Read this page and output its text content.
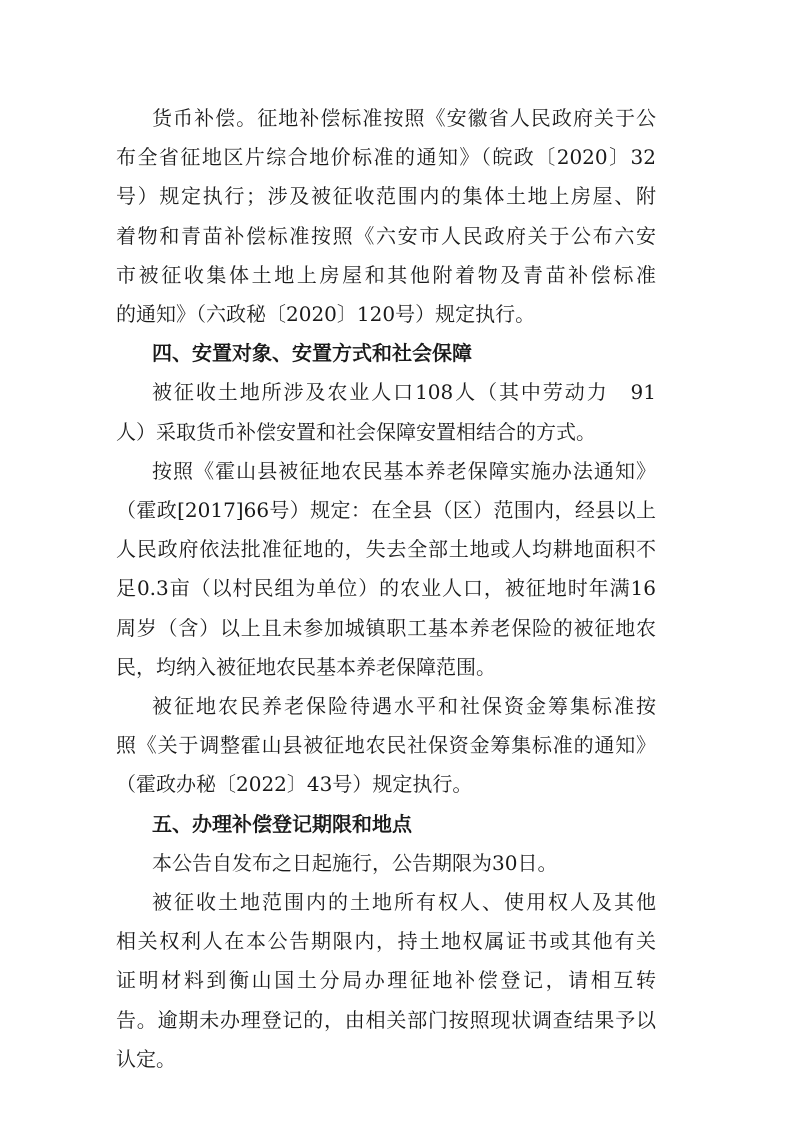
货币补偿。征地补偿标准按照《安徽省人民政府关于公
布全省征地区片综合地价标准的通知》（皖政〔2020〕32
号）规定执行；涉及被征收范围内的集体土地上房屋、附
着物和青苗补偿标准按照《六安市人民政府关于公布六安
市被征收集体土地上房屋和其他附着物及青苗补偿标准
的通知》（六政秘〔2020〕120号）规定执行。
四、安置对象、安置方式和社会保障
被征收土地所涉及农业人口108人（其中劳动力　91
人）采取货币补偿安置和社会保障安置相结合的方式。
按照《霍山县被征地农民基本养老保障实施办法通知》
（霍政[2017]66号）规定：在全县（区）范围内，经县以上
人民政府依法批准征地的，失去全部土地或人均耕地面积不
足0.3亩（以村民组为单位）的农业人口，被征地时年满16
周岁（含）以上且未参加城镇职工基本养老保险的被征地农
民，均纳入被征地农民基本养老保障范围。
被征地农民养老保险待遇水平和社保资金筹集标准按
照《关于调整霍山县被征地农民社保资金筹集标准的通知》
（霍政办秘〔2022〕43号）规定执行。
五、办理补偿登记期限和地点
本公告自发布之日起施行，公告期限为30日。
被征收土地范围内的土地所有权人、使用权人及其他
相关权利人在本公告期限内，持土地权属证书或其他有关
证明材料到衡山国土分局办理征地补偿登记，请相互转
告。逾期未办理登记的，由相关部门按照现状调查结果予以
认定。
